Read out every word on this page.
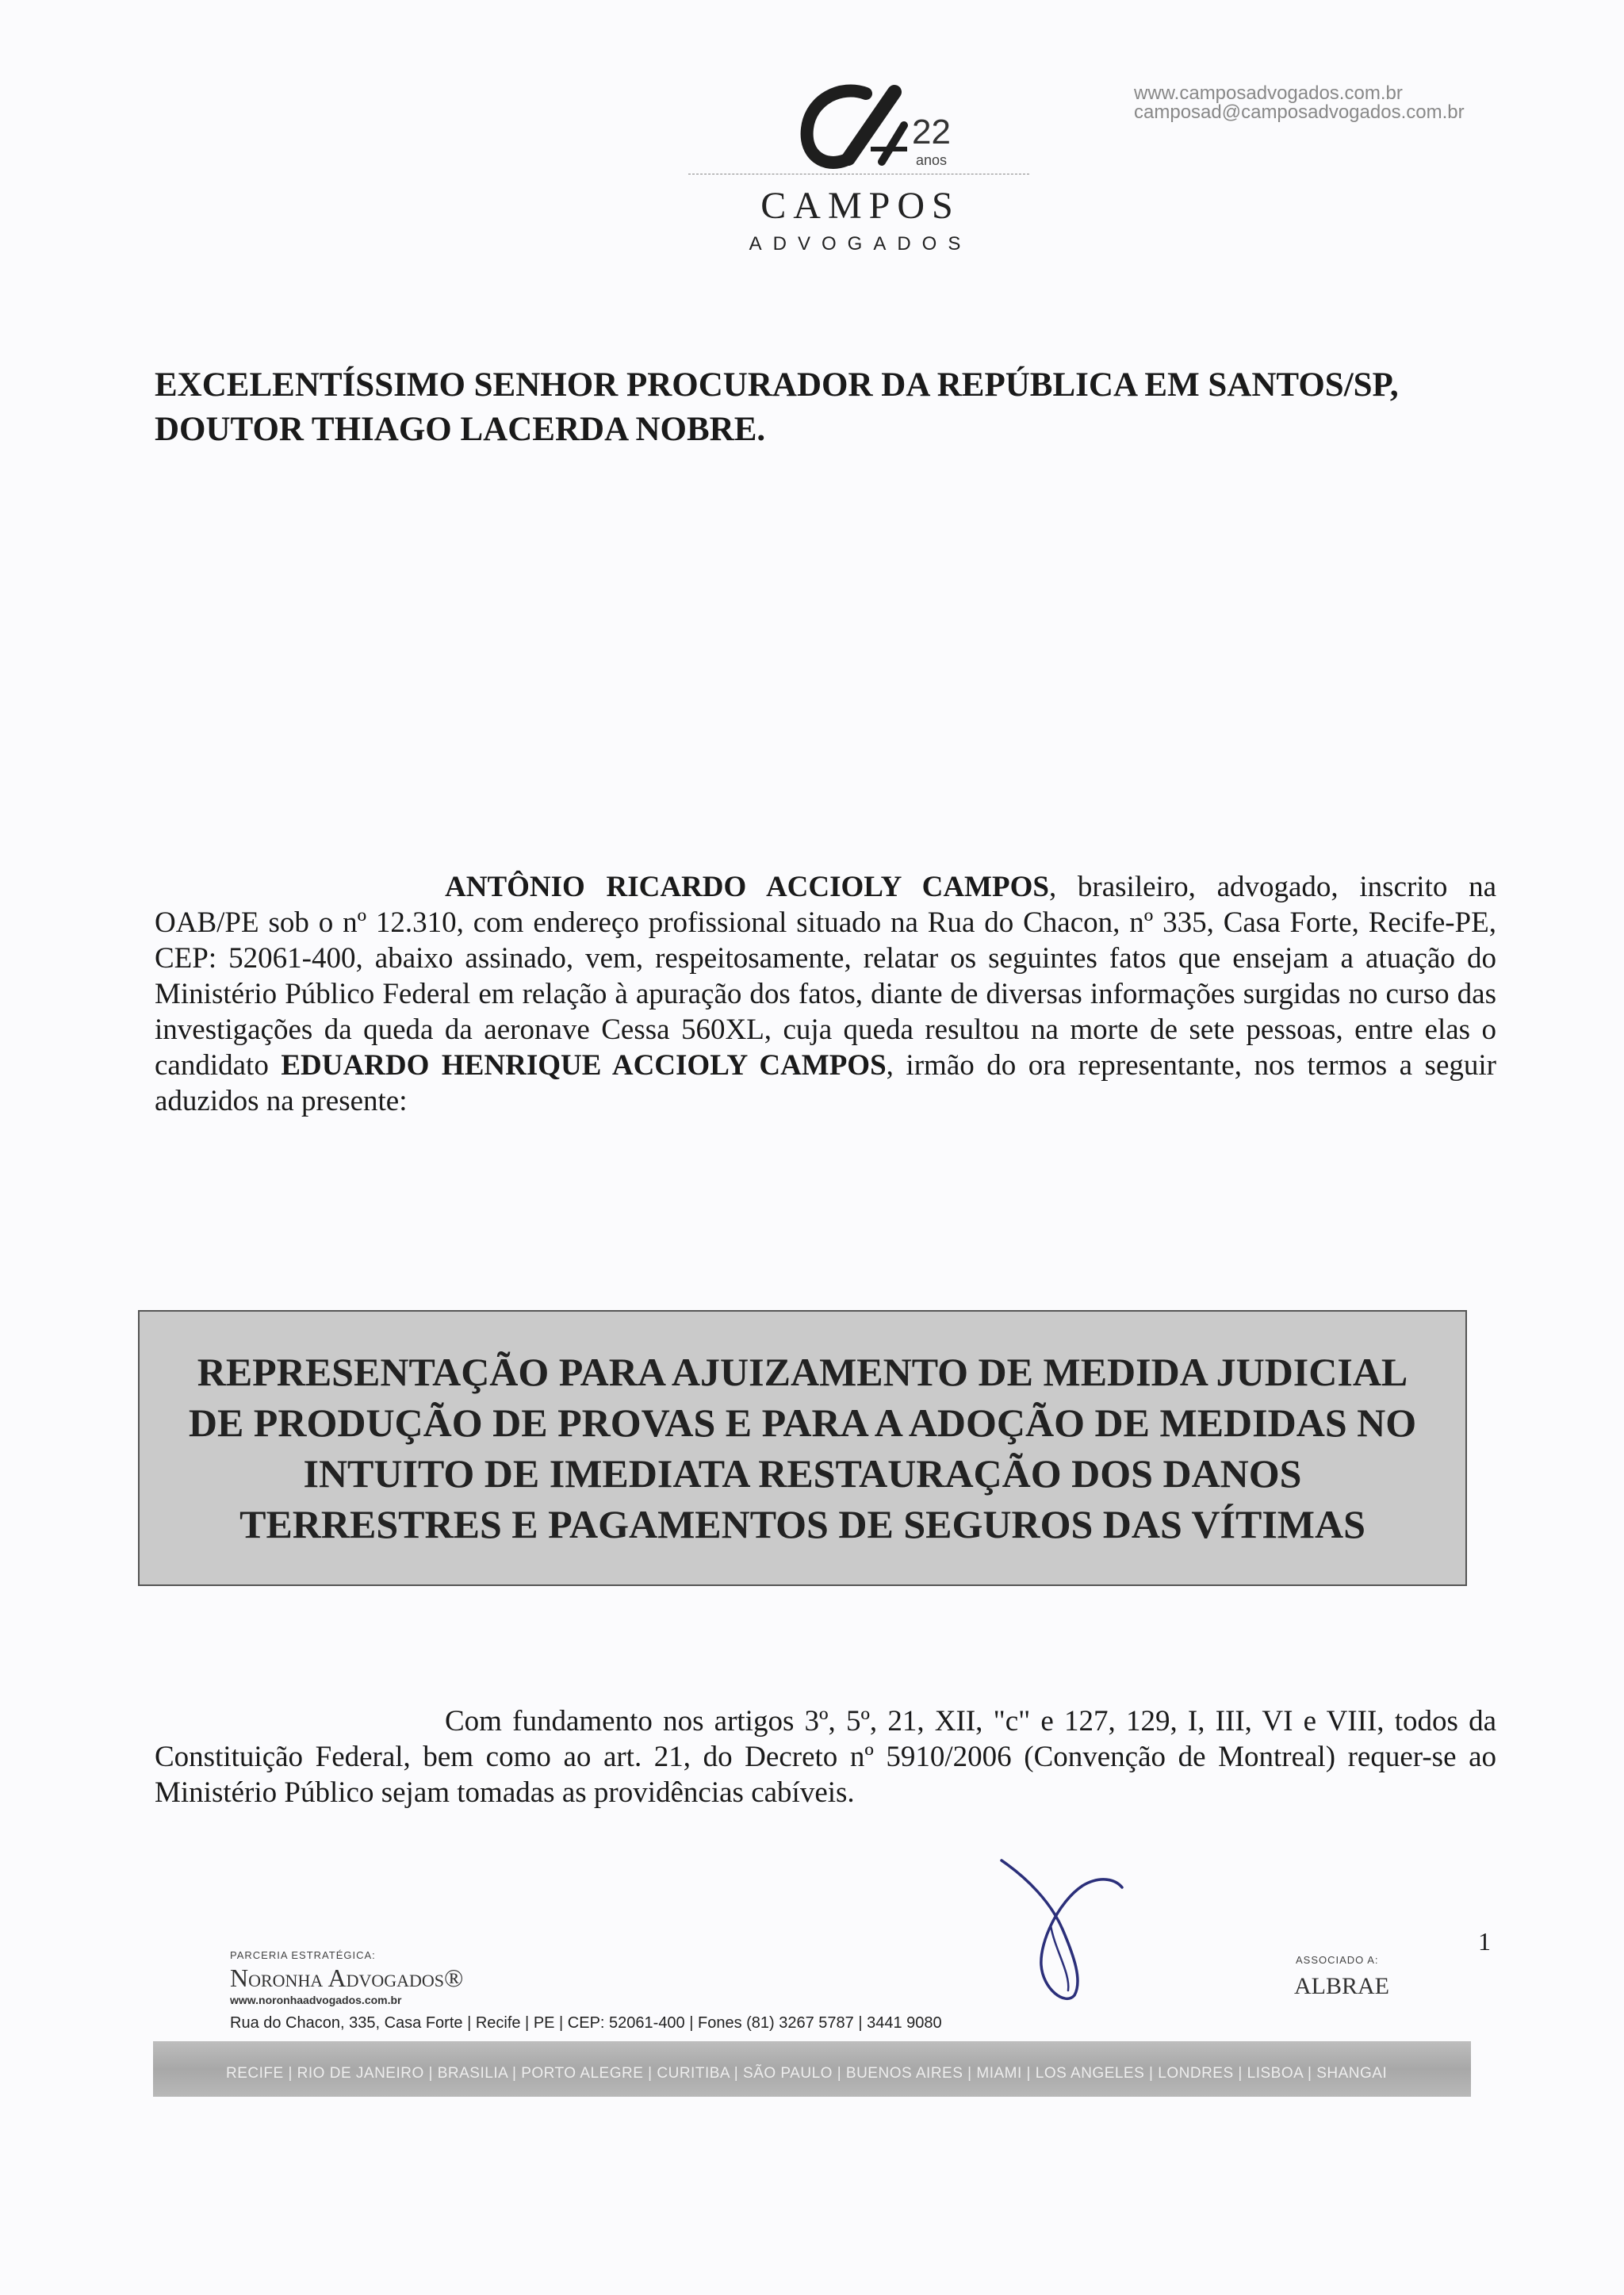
22
anos
CAMPOS
ADVOGADOS
www.camposadvogados.com.br
camposad@camposadvogados.com.br
EXCELENTÍSSIMO SENHOR PROCURADOR DA REPÚBLICA EM SANTOS/SP,
DOUTOR THIAGO LACERDA NOBRE.

ANTÔNIO RICARDO ACCIOLY CAMPOS, brasileiro, advogado, inscrito na OAB/PE sob o nº 12.310, com endereço profissional situado na Rua do Chacon, nº 335, Casa Forte, Recife-PE, CEP: 52061-400, abaixo assinado, vem, respeitosamente, relatar os seguintes fatos que ensejam a atuação do Ministério Público Federal em relação à apuração dos fatos, diante de diversas informações surgidas no curso das investigações da queda da aeronave Cessa 560XL, cuja queda resultou na morte de sete pessoas, entre elas o candidato EDUARDO HENRIQUE ACCIOLY CAMPOS, irmão do ora representante, nos termos a seguir aduzidos na presente:

REPRESENTAÇÃO PARA AJUIZAMENTO DE MEDIDA JUDICIAL DE PRODUÇÃO DE PROVAS E PARA A ADOÇÃO DE MEDIDAS NO INTUITO DE IMEDIATA RESTAURAÇÃO DOS DANOS TERRESTRES E PAGAMENTOS DE SEGUROS DAS VÍTIMAS

Com fundamento nos artigos 3º, 5º, 21, XII, "c" e 127, 129, I, III, VI e VIII, todos da Constituição Federal, bem como ao art. 21, do Decreto nº 5910/2006 (Convenção de Montreal) requer-se ao Ministério Público sejam tomadas as providências cabíveis.

1
PARCERIA ESTRATÉGICA:
Noronha Advogados®
www.noronhaadvogados.com.br
ASSOCIADO A:
ALBRAE
Rua do Chacon, 335, Casa Forte | Recife | PE | CEP: 52061-400 | Fones (81) 3267 5787 | 3441 9080
RECIFE | RIO DE JANEIRO | BRASILIA | PORTO ALEGRE | CURITIBA | SÃO PAULO | BUENOS AIRES | MIAMI | LOS ANGELES | LONDRES | LISBOA | SHANGAI
